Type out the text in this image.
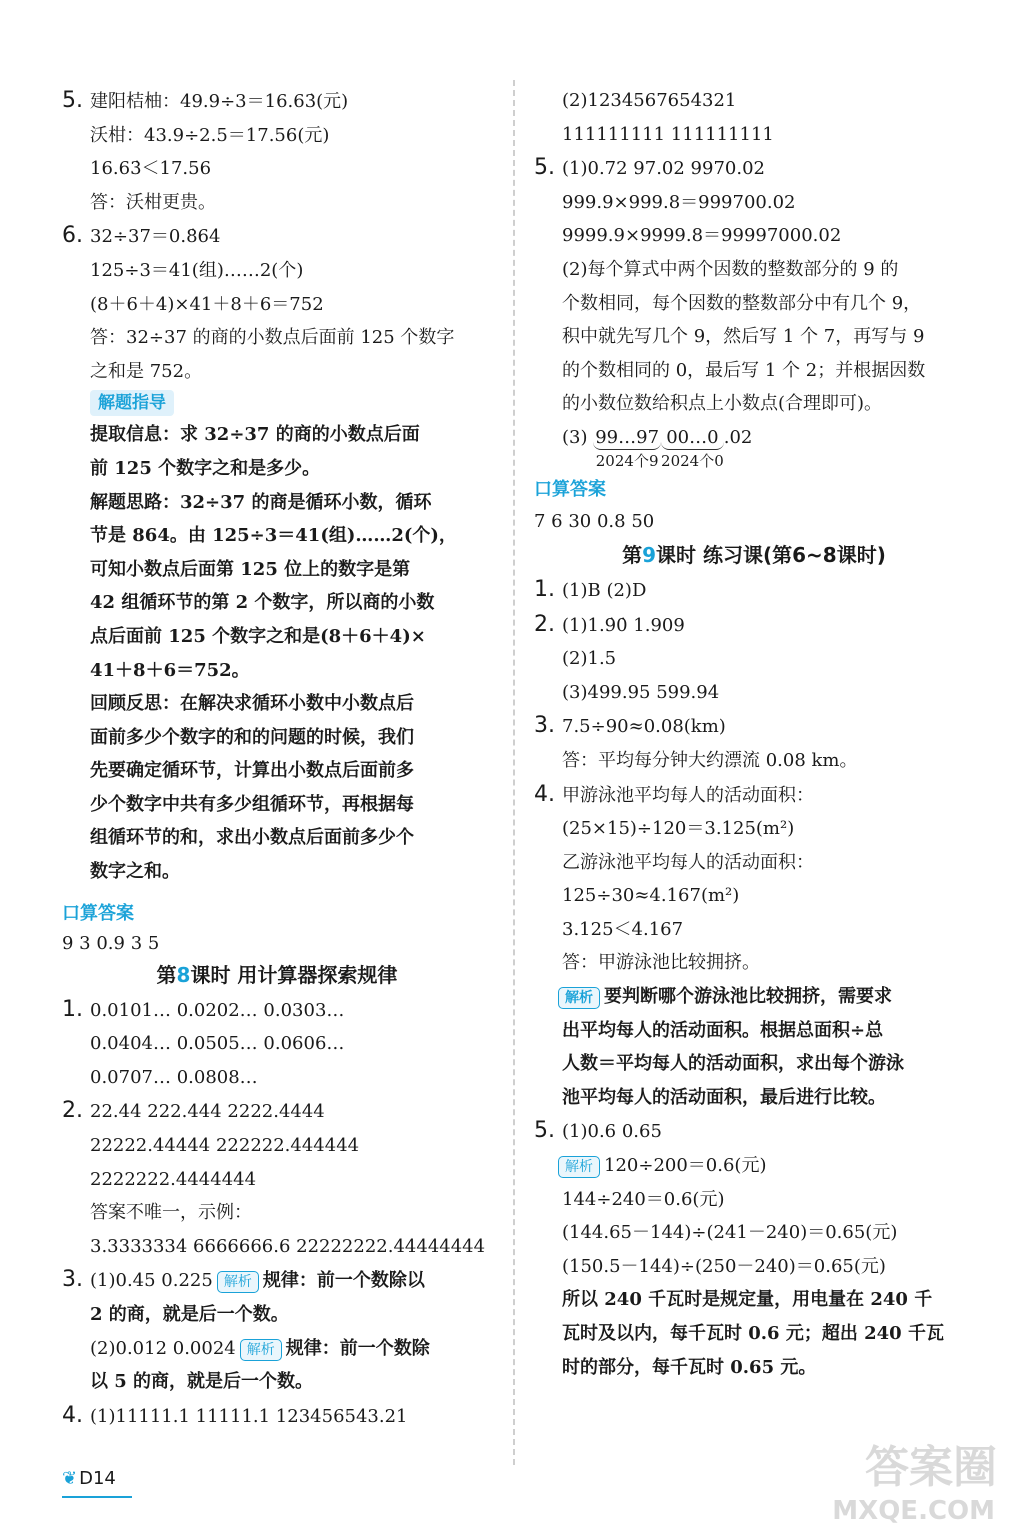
5. 建阳桔柚：49.9÷3＝16.63̇(元)
沃柑：43.9÷2.5＝17.56(元)
16.63̇＜17.56
答：沃柑更贵。
6. 32÷37＝0.8̇64̇
125÷3＝41(组)……2(个)
(8＋6＋4)×41＋8＋6＝752
答：32÷37 的商的小数点后面前 125 个数字
之和是 752。
解题指导
提取信息：求 32÷37 的商的小数点后面
前 125 个数字之和是多少。
解题思路：32÷37 的商是循环小数，循环
节是 864。由 125÷3＝41(组)……2(个)，
可知小数点后面第 125 位上的数字是第
42 组循环节的第 2 个数字，所以商的小数
点后面前 125 个数字之和是(8＋6＋4)×
41＋8＋6＝752。
回顾反思：在解决求循环小数中小数点后
面前多少个数字的和的问题的时候，我们
先要确定循环节，计算出小数点后面前多
少个数字中共有多少组循环节，再根据每
组循环节的和，求出小数点后面前多少个
数字之和。
口算答案
9 3 0.9 3 5
第8课时 用计算器探索规律
1. 0.0101… 0.0202… 0.0303…
0.0404… 0.0505… 0.0606…
0.0707… 0.0808…
2. 22.44 222.444 2222.4444
22222.44444 222222.444444
2222222.4444444
答案不唯一，示例：
3.3333334 6666666.6 22222222.44444444
3. (1)0.45 0.225 解析 规律：前一个数除以
2 的商，就是后一个数。
(2)0.012 0.0024 解析 规律：前一个数除
以 5 的商，就是后一个数。
4. (1)11111.1 11111.1 123456543.21
(2)1234567654321
111111111 111111111
5. (1)0.72 97.02 9970.02
999.9×999.8＝999700.02
9999.9×9999.8＝99997000.02
(2)每个算式中两个因数的整数部分的 9 的
个数相同，每个因数的整数部分中有几个 9，
积中就先写几个 9，然后写 1 个 7，再写与 9
的个数相同的 0，最后写 1 个 2；并根据因数
的小数位数给积点上小数点(合理即可)。
(3) 99…97
2024个9
00…0
2024个0
.02
口算答案
7 6 30 0.8 50
第9课时 练习课(第6~8课时)
1. (1)B (2)D
2. (1)1.9̇0̇ 1.909
(2)1.5
(3)499.95 599.94
3. 7.5÷90≈0.08(km)
答：平均每分钟大约漂流 0.08 km。
4. 甲游泳池平均每人的活动面积：
(25×15)÷120＝3.125(m²)
乙游泳池平均每人的活动面积：
125÷30≈4.167(m²)
3.125＜4.167
答：甲游泳池比较拥挤。
解析 要判断哪个游泳池比较拥挤，需要求
出平均每人的活动面积。根据总面积÷总
人数＝平均每人的活动面积，求出每个游泳
池平均每人的活动面积，最后进行比较。
5. (1)0.6 0.65
解析 120÷200＝0.6(元)
144÷240＝0.6(元)
(144.65－144)÷(241－240)＝0.65(元)
(150.5－144)÷(250－240)＝0.65(元)
所以 240 千瓦时是规定量，用电量在 240 千
瓦时及以内，每千瓦时 0.6 元；超出 240 千瓦
时的部分，每千瓦时 0.65 元。
❦ D14	答案圈
MXQE.COM
